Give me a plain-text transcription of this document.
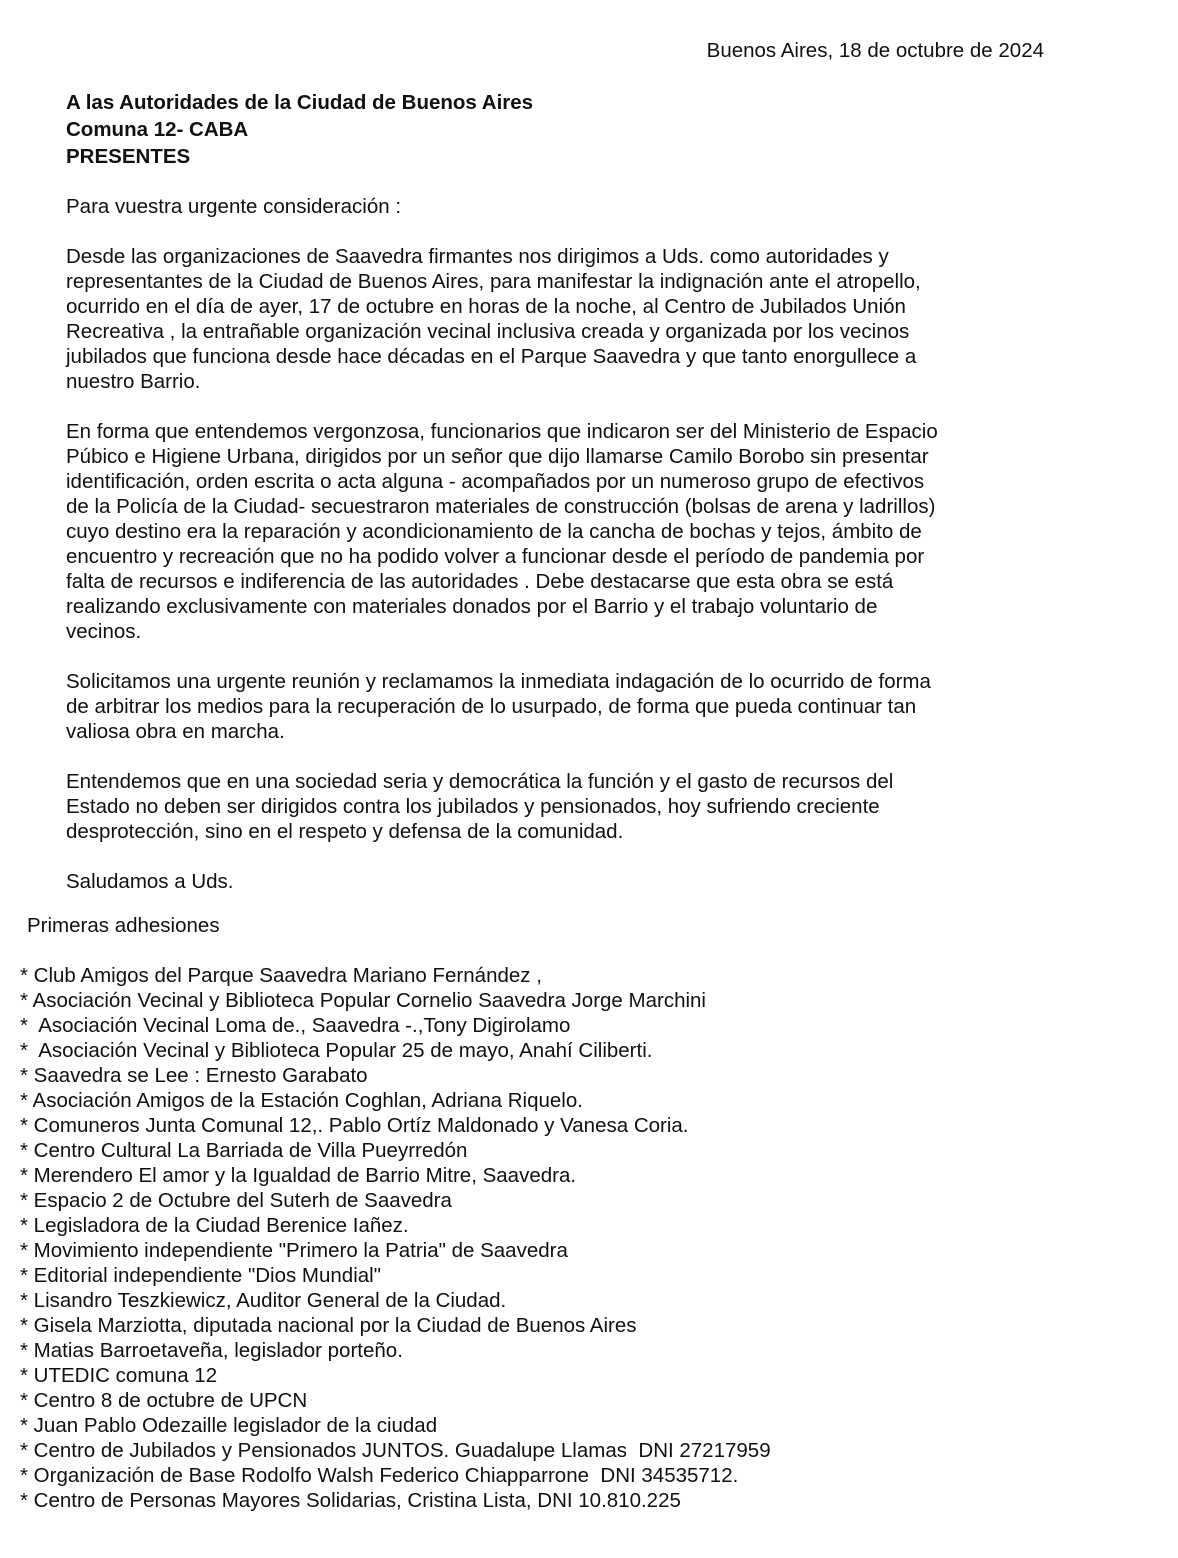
Buenos Aires, 18 de octubre de 2024
A las Autoridades de la Ciudad de Buenos Aires
Comuna 12- CABA
PRESENTES

Para vuestra urgente consideración :

Desde las organizaciones de Saavedra firmantes nos dirigimos a Uds. como autoridades y
representantes de la Ciudad de Buenos Aires, para manifestar la indignación ante el atropello,
ocurrido en el día de ayer, 17 de octubre en horas de la noche, al Centro de Jubilados Unión
Recreativa , la entrañable organización vecinal inclusiva creada y organizada por los vecinos
jubilados que funciona desde hace décadas en el Parque Saavedra y que tanto enorgullece a
nuestro Barrio.

En forma que entendemos vergonzosa, funcionarios que indicaron ser del Ministerio de Espacio
Púbico e Higiene Urbana, dirigidos por un señor que dijo llamarse Camilo Borobo sin presentar
identificación, orden escrita o acta alguna - acompañados por un numeroso grupo de efectivos
de la Policía de la Ciudad- secuestraron materiales de construcción (bolsas de arena y ladrillos)
cuyo destino era la reparación y acondicionamiento de la cancha de bochas y tejos, ámbito de
encuentro y recreación que no ha podido volver a funcionar desde el período de pandemia por
falta de recursos e indiferencia de las autoridades . Debe destacarse que esta obra se está
realizando exclusivamente con materiales donados por el Barrio y el trabajo voluntario de
vecinos.

Solicitamos una urgente reunión y reclamamos la inmediata indagación de lo ocurrido de forma
de arbitrar los medios para la recuperación de lo usurpado, de forma que pueda continuar tan
valiosa obra en marcha.

Entendemos que en una sociedad seria y democrática la función y el gasto de recursos del
Estado no deben ser dirigidos contra los jubilados y pensionados, hoy sufriendo creciente
desprotección, sino en el respeto y defensa de la comunidad.

Saludamos a Uds.

Primeras adhesiones
* Club Amigos del Parque Saavedra Mariano Fernández ,
* Asociación Vecinal y Biblioteca Popular Cornelio Saavedra Jorge Marchini
*  Asociación Vecinal Loma de., Saavedra -.,Tony Digirolamo
*  Asociación Vecinal y Biblioteca Popular 25 de mayo, Anahí Ciliberti.
* Saavedra se Lee : Ernesto Garabato
* Asociación Amigos de la Estación Coghlan, Adriana Riquelo.
* Comuneros Junta Comunal 12,. Pablo Ortíz Maldonado y Vanesa Coria.
* Centro Cultural La Barriada de Villa Pueyrredón
* Merendero El amor y la Igualdad de Barrio Mitre, Saavedra.
* Espacio 2 de Octubre del Suterh de Saavedra
* Legisladora de la Ciudad Berenice Iañez.
* Movimiento independiente "Primero la Patria" de Saavedra
* Editorial independiente "Dios Mundial"
* Lisandro Teszkiewicz, Auditor General de la Ciudad.
* Gisela Marziotta, diputada nacional por la Ciudad de Buenos Aires
* Matias Barroetaveña, legislador porteño.
* UTEDIC comuna 12
* Centro 8 de octubre de UPCN
* Juan Pablo Odezaille legislador de la ciudad
* Centro de Jubilados y Pensionados JUNTOS. Guadalupe Llamas  DNI 27217959
* Organización de Base Rodolfo Walsh Federico Chiapparrone  DNI 34535712.
* Centro de Personas Mayores Solidarias, Cristina Lista, DNI 10.810.225
